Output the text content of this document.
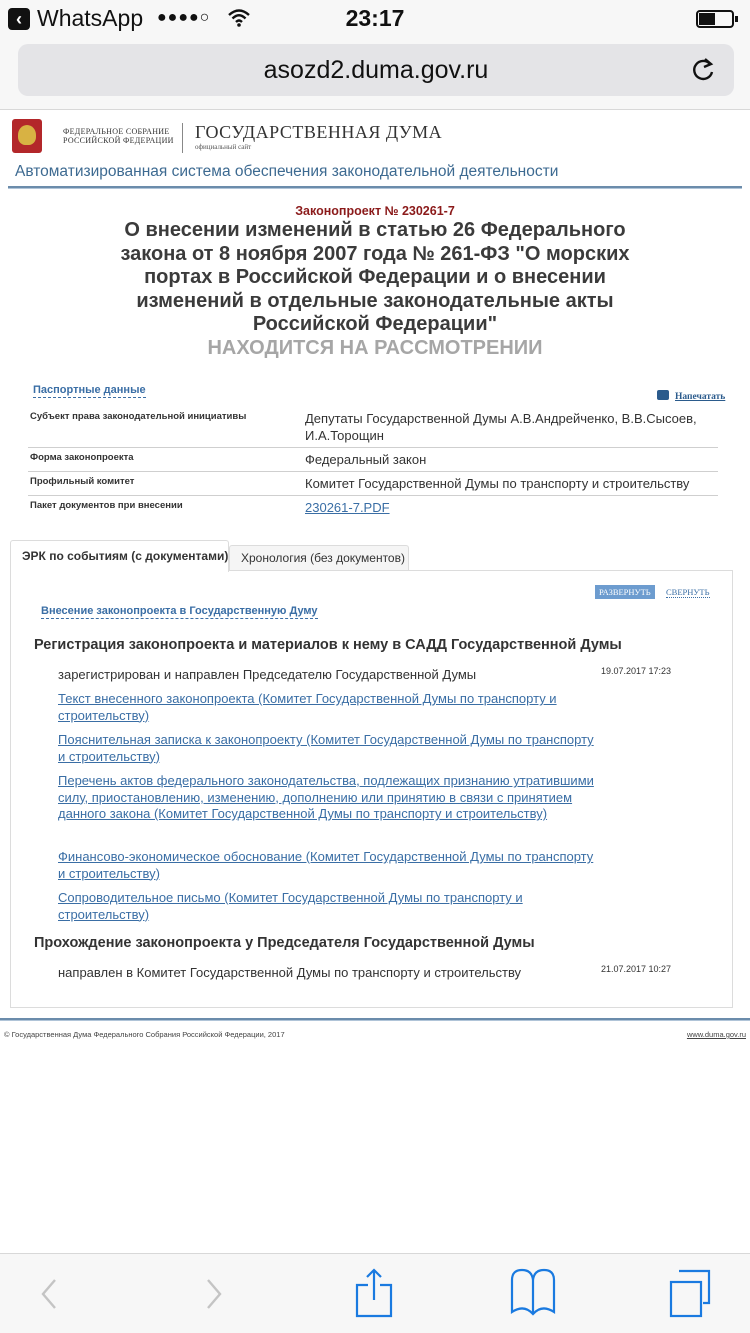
‹ WhatsApp ●●●●○	23:17
asozd2.duma.gov.ru
ФЕДЕРАЛЬНОЕ СОБРАНИЕ
РОССИЙСКОЙ ФЕДЕРАЦИИ ГОСУДАРСТВЕННАЯ ДУМА
официальный сайт
Автоматизированная система обеспечения законодательной деятельности
Законопроект № 230261-7
О внесении изменений в статью 26 Федерального закона от 8 ноября 2007 года № 261-ФЗ "О морских портах в Российской Федерации и о внесении изменений в отдельные законодательные акты Российской Федерации"
НАХОДИТСЯ НА РАССМОТРЕНИИ
Паспортные данные
Напечатать
Субъект права законодательной инициативы	Депутаты Государственной Думы А.В.Андрейченко, В.В.Сысоев, И.А.Торощин
Форма законопроекта	Федеральный закон
Профильный комитет	Комитет Государственной Думы по транспорту и строительству
Пакет документов при внесении	230261-7.PDF
ЭРК по событиям (с документами)	Хронология (без документов)
РАЗВЕРНУТЬ	СВЕРНУТЬ
Внесение законопроекта в Государственную Думу
Регистрация законопроекта и материалов к нему в САДД Государственной Думы
зарегистрирован и направлен Председателю Государственной Думы	19.07.2017 17:23
Текст внесенного законопроекта (Комитет Государственной Думы по транспорту и строительству)
Пояснительная записка к законопроекту (Комитет Государственной Думы по транспорту и строительству)
Перечень актов федерального законодательства, подлежащих признанию утратившими силу, приостановлению, изменению, дополнению или принятию в связи с принятием данного закона (Комитет Государственной Думы по транспорту и строительству)
Финансово-экономическое обоснование (Комитет Государственной Думы по транспорту и строительству)
Сопроводительное письмо (Комитет Государственной Думы по транспорту и строительству)
Прохождение законопроекта у Председателя Государственной Думы
направлен в Комитет Государственной Думы по транспорту и строительству	21.07.2017 10:27
© Государственная Дума Федерального Собрания Российской Федерации, 2017	www.duma.gov.ru
